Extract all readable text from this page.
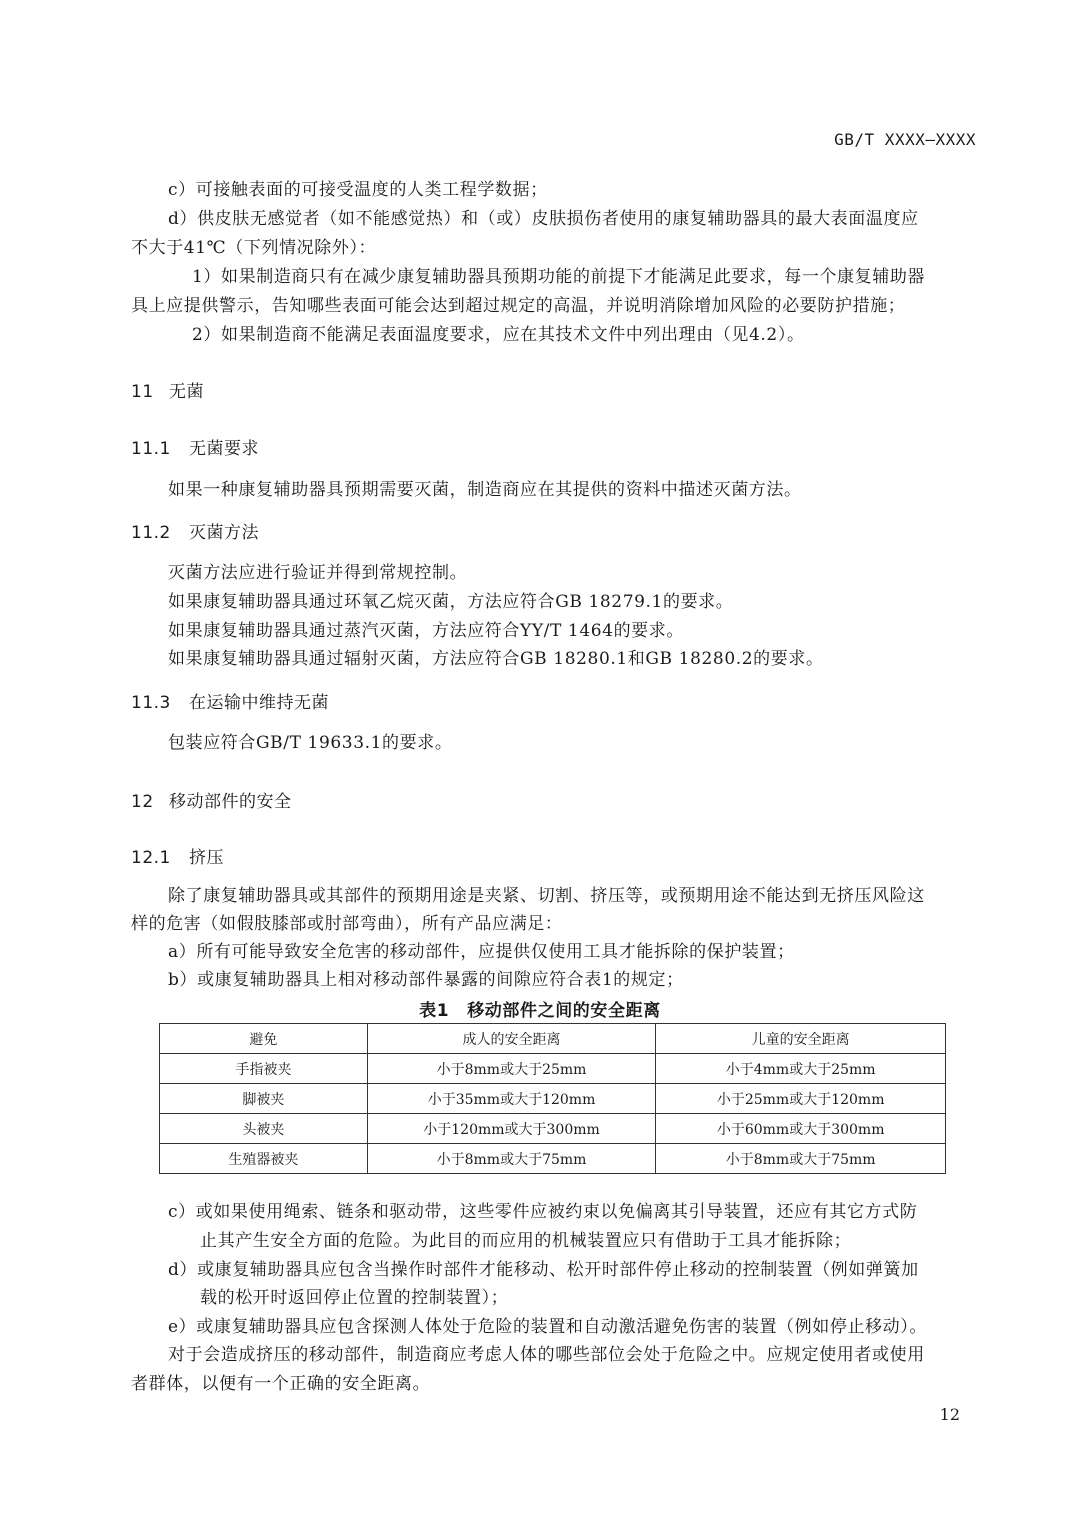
GB/T XXXX—XXXX
c）可接触表面的可接受温度的人类工程学数据；
d）供皮肤无感觉者（如不能感觉热）和（或）皮肤损伤者使用的康复辅助器具的最大表面温度应
不大于41℃（下列情况除外）：
1）如果制造商只有在减少康复辅助器具预期功能的前提下才能满足此要求，每一个康复辅助器
具上应提供警示，告知哪些表面可能会达到超过规定的高温，并说明消除增加风险的必要防护措施；
2）如果制造商不能满足表面温度要求，应在其技术文件中列出理由（见4.2）。
11 无菌
11.1 无菌要求
如果一种康复辅助器具预期需要灭菌，制造商应在其提供的资料中描述灭菌方法。
11.2 灭菌方法
灭菌方法应进行验证并得到常规控制。
如果康复辅助器具通过环氧乙烷灭菌，方法应符合GB 18279.1的要求。
如果康复辅助器具通过蒸汽灭菌，方法应符合YY/T 1464的要求。
如果康复辅助器具通过辐射灭菌，方法应符合GB 18280.1和GB 18280.2的要求。
11.3 在运输中维持无菌
包装应符合GB/T 19633.1的要求。
12 移动部件的安全
12.1 挤压
除了康复辅助器具或其部件的预期用途是夹紧、切割、挤压等，或预期用途不能达到无挤压风险这
样的危害（如假肢膝部或肘部弯曲），所有产品应满足：
a）所有可能导致安全危害的移动部件，应提供仅使用工具才能拆除的保护装置；
b）或康复辅助器具上相对移动部件暴露的间隙应符合表1的规定；
表1 移动部件之间的安全距离
避免	成人的安全距离	儿童的安全距离
手指被夹	小于8mm或大于25mm	小于4mm或大于25mm
脚被夹	小于35mm或大于120mm	小于25mm或大于120mm
头被夹	小于120mm或大于300mm	小于60mm或大于300mm
生殖器被夹	小于8mm或大于75mm	小于8mm或大于75mm
c）或如果使用绳索、链条和驱动带，这些零件应被约束以免偏离其引导装置，还应有其它方式防
止其产生安全方面的危险。为此目的而应用的机械装置应只有借助于工具才能拆除；
d）或康复辅助器具应包含当操作时部件才能移动、松开时部件停止移动的控制装置（例如弹簧加
载的松开时返回停止位置的控制装置）；
e）或康复辅助器具应包含探测人体处于危险的装置和自动激活避免伤害的装置（例如停止移动）。
对于会造成挤压的移动部件，制造商应考虑人体的哪些部位会处于危险之中。应规定使用者或使用
者群体，以便有一个正确的安全距离。
12
